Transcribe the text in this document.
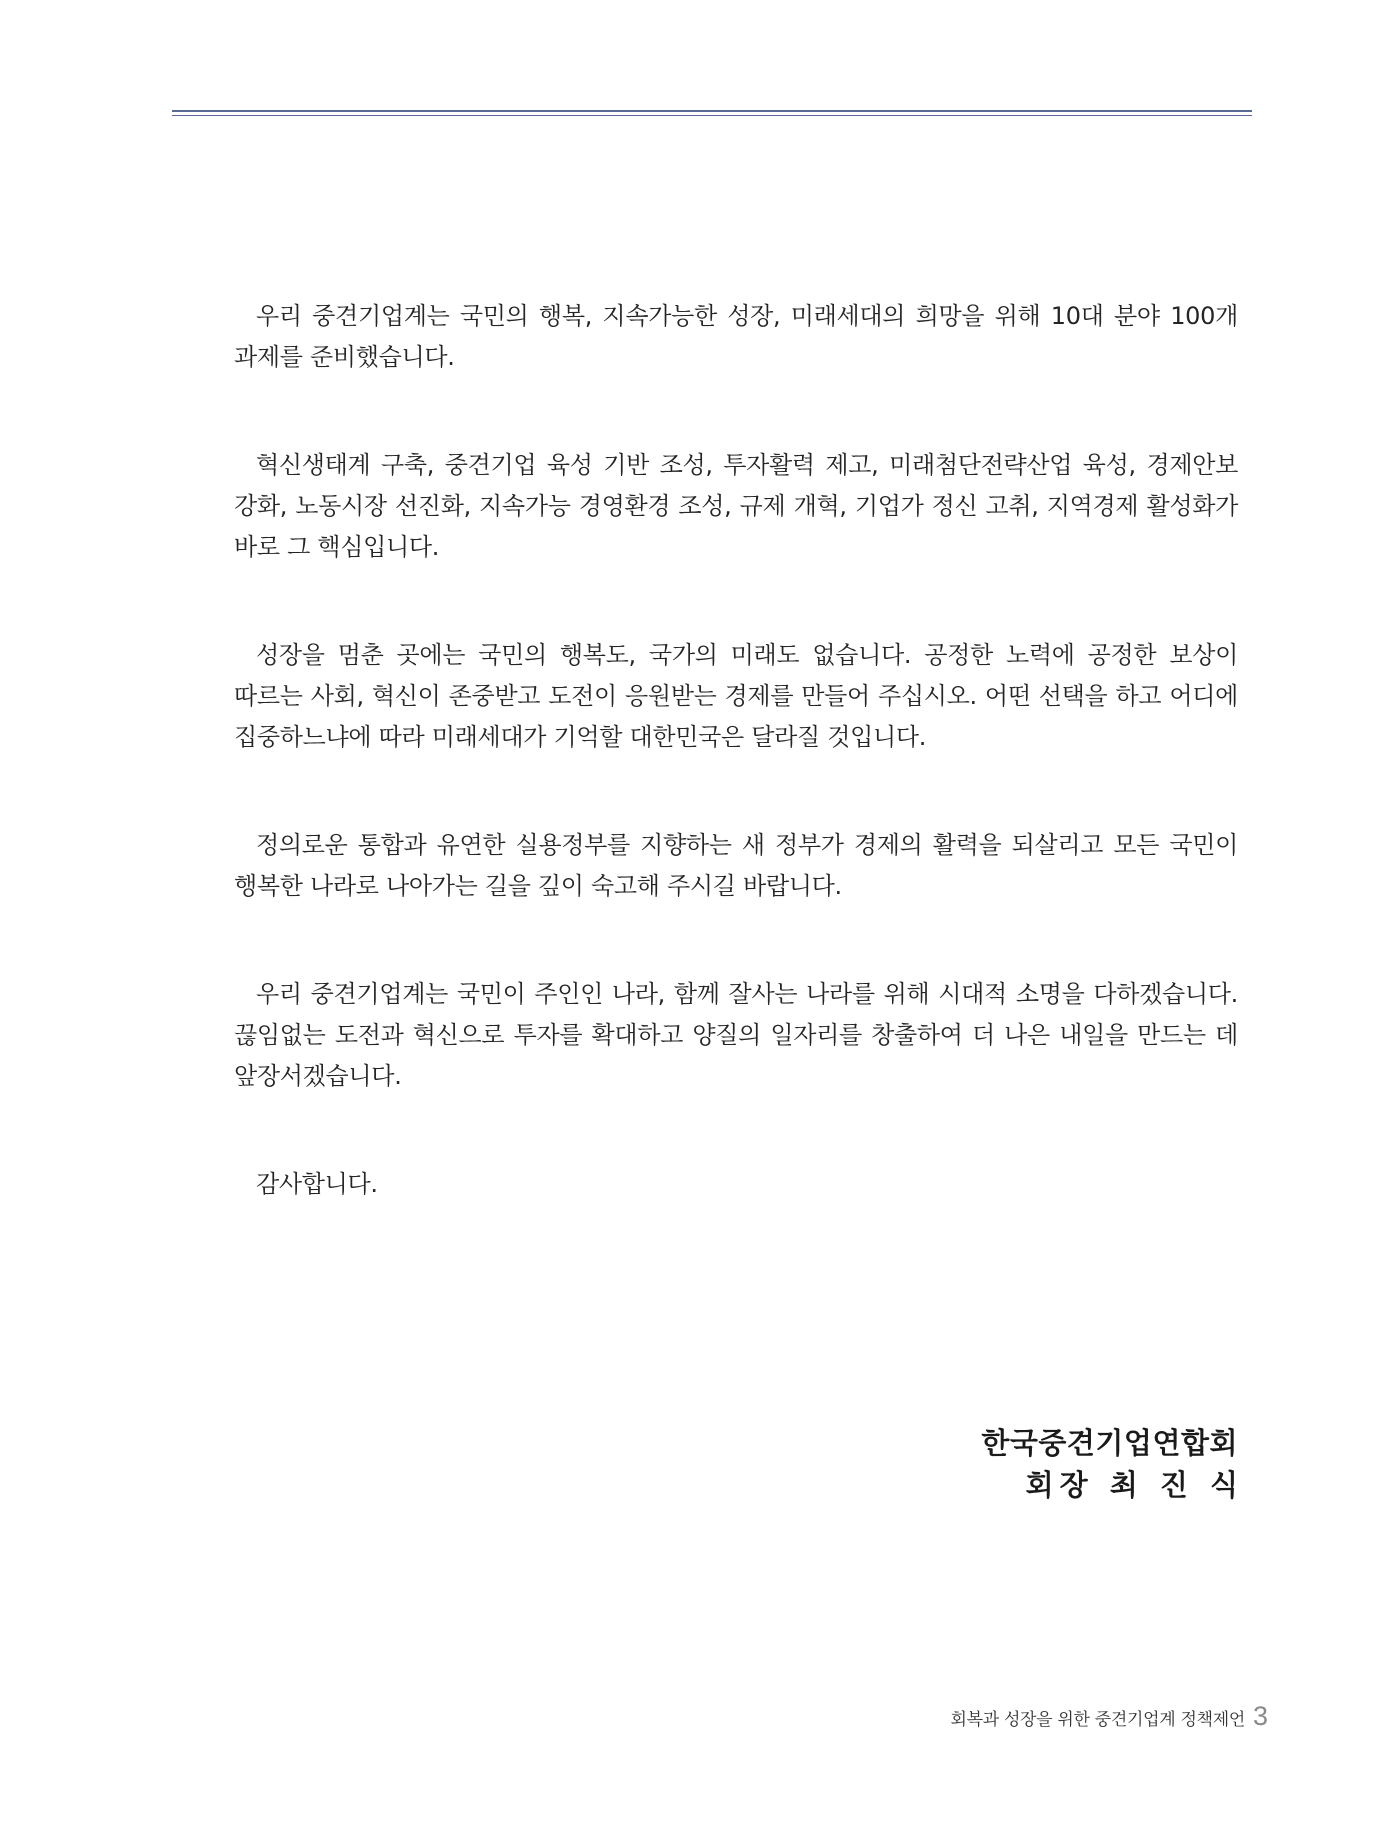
우리 중견기업계는 국민의 행복, 지속가능한 성장, 미래세대의 희망을 위해 10대 분야 100개 과제를 준비했습니다.

혁신생태계 구축, 중견기업 육성 기반 조성, 투자활력 제고, 미래첨단전략산업 육성, 경제안보 강화, 노동시장 선진화, 지속가능 경영환경 조성, 규제 개혁, 기업가 정신 고취, 지역경제 활성화가 바로 그 핵심입니다.

성장을 멈춘 곳에는 국민의 행복도, 국가의 미래도 없습니다. 공정한 노력에 공정한 보상이 따르는 사회, 혁신이 존중받고 도전이 응원받는 경제를 만들어 주십시오. 어떤 선택을 하고 어디에 집중하느냐에 따라 미래세대가 기억할 대한민국은 달라질 것입니다.

정의로운 통합과 유연한 실용정부를 지향하는 새 정부가 경제의 활력을 되살리고 모든 국민이 행복한 나라로 나아가는 길을 깊이 숙고해 주시길 바랍니다.

우리 중견기업계는 국민이 주인인 나라, 함께 잘사는 나라를 위해 시대적 소명을 다하겠습니다. 끊임없는 도전과 혁신으로 투자를 확대하고 양질의 일자리를 창출하여 더 나은 내일을 만드는 데 앞장서겠습니다.

감사합니다.

한국중견기업연합회
회장 최 진 식
회복과 성장을 위한 중견기업계 정책제언 3
